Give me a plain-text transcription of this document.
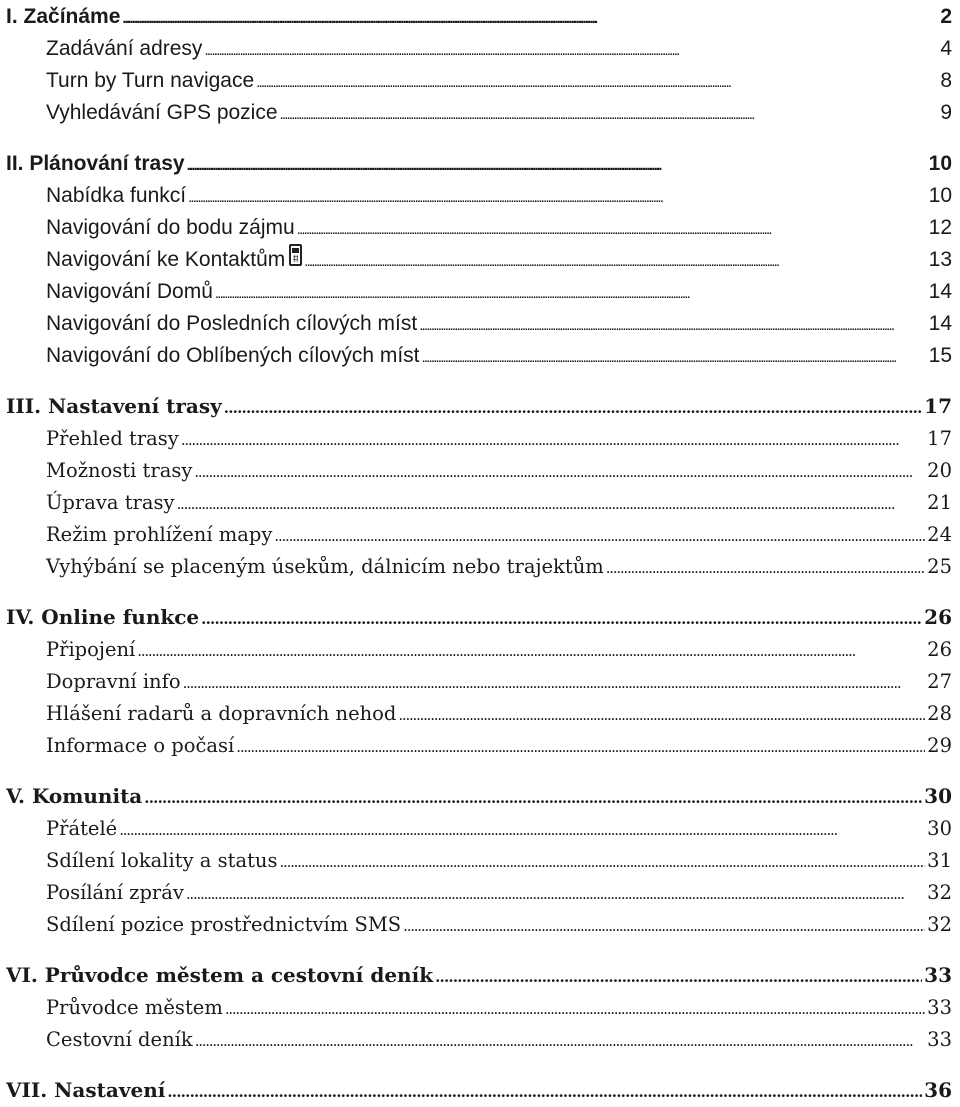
I. Začínáme . . .	2
Zadávání adresy . . .	4
Turn by Turn navigace . . .	8
Vyhledávání GPS pozice . . .	9
II. Plánování trasy . . .	10
Nabídka funkcí . . .	10
Navigování do bodu zájmu . . .	12
Navigování ke Kontaktům . . .	13
Navigování Domů . . .	14
Navigování do Posledních cílových míst . . .	14
Navigování do Oblíbených cílových míst . . .	15
III. Nastavení trasy . . .	17
Přehled trasy . . .	17
Možnosti trasy . . .	20
Úprava trasy . . .	21
Režim prohlížení mapy . . .	24
Vyhýbání se placeným úsekům, dálnicím nebo trajektům . . .	25
IV. Online funkce . . .	26
Připojení . . .	26
Dopravní info . . .	27
Hlášení radarů a dopravních nehod . . .	28
Informace o počasí . . .	29
V. Komunita . . .	30
Přátelé . . .	30
Sdílení lokality a status . . .	31
Posílání zpráv . . .	32
Sdílení pozice prostřednictvím SMS . . .	32
VI. Průvodce městem a cestovní deník . . .	33
Průvodce městem . . .	33
Cestovní deník . . .	33
VII. Nastavení . . .	36
